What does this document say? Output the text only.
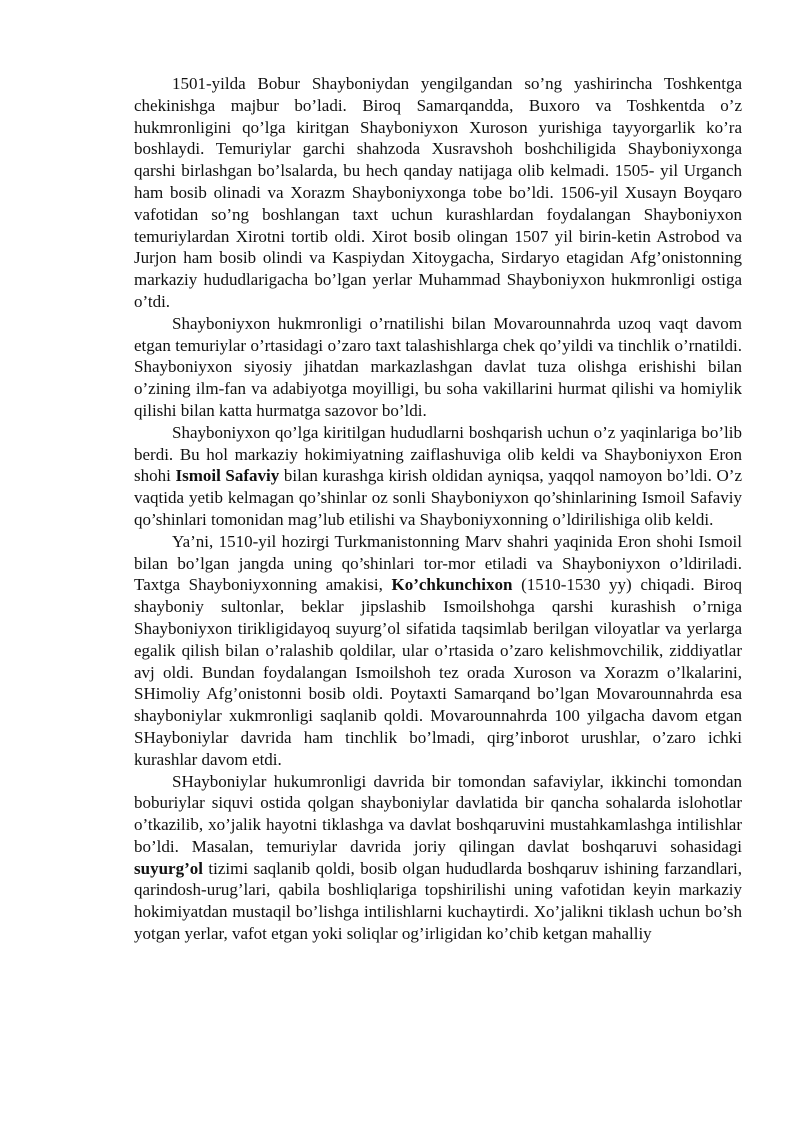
1501-yilda Bobur Shayboniydan yengilgandan so’ng yashirincha Toshkentga chekinishga majbur bo’ladi. Biroq Samarqandda, Buxoro va Toshkentda o’z hukmronligini qo’lga kiritgan Shayboniyxon Xuroson yurishiga tayyorgarlik ko’ra boshlaydi. Temuriylar garchi shahzoda Xusravshoh boshchiligida Shayboniyxonga qarshi birlashgan bo’lsalarda, bu hech qanday natijaga olib kelmadi. 1505- yil Urganch ham bosib olinadi va Xorazm Shayboniyxonga tobe bo’ldi. 1506-yil Xusayn Boyqaro vafotidan so’ng boshlangan taxt uchun kurashlardan foydalangan Shayboniyxon temuriylardan Xirotni tortib oldi. Xirot bosib olingan 1507 yil birin-ketin Astrobod va Jurjon ham bosib olindi va Kaspiydan Xitoygacha, Sirdaryo etagidan Afg’onistonning markaziy hududlarigacha bo’lgan yerlar Muhammad Shayboniyxon hukmronligi ostiga o’tdi.

Shayboniyxon hukmronligi o’rnatilishi bilan Movarounnahrda uzoq vaqt davom etgan temuriylar o’rtasidagi o’zaro taxt talashishlarga chek qo’yildi va tinchlik o’rnatildi. Shayboniyxon siyosiy jihatdan markazlashgan davlat tuza olishga erishishi bilan o’zining ilm-fan va adabiyotga moyilligi, bu soha vakillarini hurmat qilishi va homiylik qilishi bilan katta hurmatga sazovor bo’ldi.

Shayboniyxon qo’lga kiritilgan hududlarni boshqarish uchun o’z yaqinlariga bo’lib berdi. Bu hol markaziy hokimiyatning zaiflashuviga olib keldi va Shayboniyxon Eron shohi Ismoil Safaviy bilan kurashga kirish oldidan ayniqsa, yaqqol namoyon bo’ldi. O’z vaqtida yetib kelmagan qo’shinlar oz sonli Shayboniyxon qo’shinlarining Ismoil Safaviy qo’shinlari tomonidan mag’lub etilishi va Shayboniyxonning o’ldirilishiga olib keldi.

Ya’ni, 1510-yil hozirgi Turkmanistonning Marv shahri yaqinida Eron shohi Ismoil bilan bo’lgan jangda uning qo’shinlari tor-mor etiladi va Shayboniyxon o’ldiriladi. Taxtga Shayboniyxonning amakisi, Ko’chkunchixon (1510-1530 yy) chiqadi. Biroq shayboniy sultonlar, beklar jipslashib Ismoilshohga qarshi kurashish o’rniga Shayboniyxon tirikligidayoq suyurg’ol sifatida taqsimlab berilgan viloyatlar va yerlarga egalik qilish bilan o’ralashib qoldilar, ular o’rtasida o’zaro kelishmovchilik, ziddiyatlar avj oldi. Bundan foydalangan Ismoilshoh tez orada Xuroson va Xorazm o’lkalarini, SHimoliy Afg’onistonni bosib oldi. Poytaxti Samarqand bo’lgan Movarounnahrda esa shayboniylar xukmronligi saqlanib qoldi. Movarounnahrda 100 yilgacha davom etgan SHayboniylar davrida ham tinchlik bo’lmadi, qirg’inborot urushlar, o’zaro ichki kurashlar davom etdi.

SHayboniylar hukumronligi davrida bir tomondan safaviylar, ikkinchi tomondan boburiylar siquvi ostida qolgan shayboniylar davlatida bir qancha sohalarda islohotlar o’tkazilib, xo’jalik hayotni tiklashga va davlat boshqaruvini mustahkamlashga intilishlar bo’ldi. Masalan, temuriylar davrida joriy qilingan davlat boshqaruvi sohasidagi suyurg’ol tizimi saqlanib qoldi, bosib olgan hududlarda boshqaruv ishining farzandlari, qarindosh-urug’lari, qabila boshliqlariga topshirilishi uning vafotidan keyin markaziy hokimiyatdan mustaqil bo’lishga intilishlarni kuchaytirdi. Xo’jalikni tiklash uchun bo’sh yotgan yerlar, vafot etgan yoki soliqlar og’irligidan ko’chib ketgan mahalliy
